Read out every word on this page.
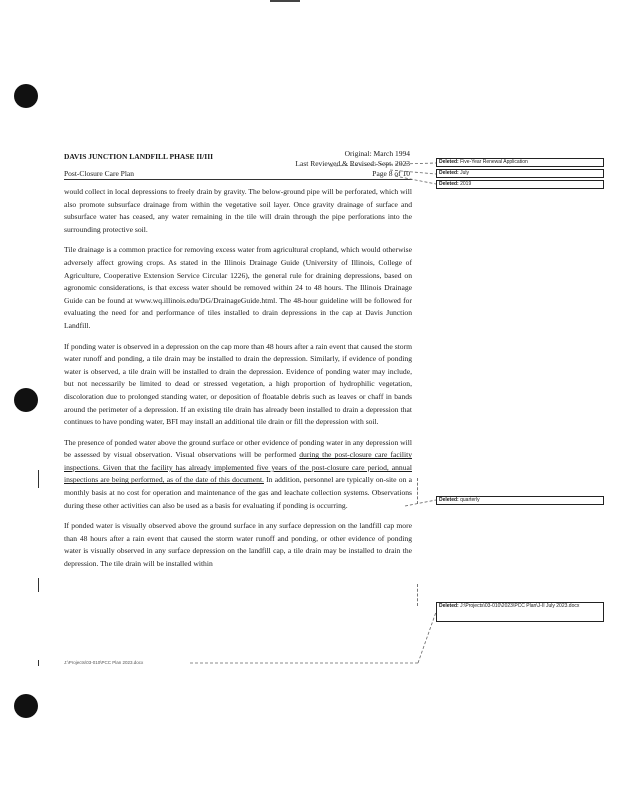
DAVIS JUNCTION LANDFILL PHASE II/III
Post-Closure Care Plan
Original: March 1994
Last Reviewed & Revised: Sept. 2023
Page 8 of 10

would collect in local depressions to freely drain by gravity. The below-ground pipe will be perforated, which will also promote subsurface drainage from within the vegetative soil layer. Once gravity drainage of surface and subsurface water has ceased, any water remaining in the tile will drain through the pipe perforations into the surrounding protective soil.

Tile drainage is a common practice for removing excess water from agricultural cropland, which would otherwise adversely affect growing crops. As stated in the Illinois Drainage Guide (University of Illinois, College of Agriculture, Cooperative Extension Service Circular 1226), the general rule for draining depressions, based on agronomic considerations, is that excess water should be removed within 24 to 48 hours. The Illinois Drainage Guide can be found at www.wq.illinois.edu/DG/DrainageGuide.html. The 48-hour guideline will be followed for evaluating the need for and performance of tiles installed to drain depressions in the cap at Davis Junction Landfill.

If ponding water is observed in a depression on the cap more than 48 hours after a rain event that caused the storm water runoff and ponding, a tile drain may be installed to drain the depression. Similarly, if evidence of ponding water is observed, a tile drain will be installed to drain the depression. Evidence of ponding water may include, but not necessarily be limited to dead or stressed vegetation, a high proportion of hydrophilic vegetation, discoloration due to prolonged standing water, or deposition of floatable debris such as leaves or chaff in bands around the perimeter of a depression. If an existing tile drain has already been installed to drain a depression that continues to have ponding water, BFI may install an additional tile drain or fill the depression with soil.

The presence of ponded water above the ground surface or other evidence of ponding water in any depression will be assessed by visual observation. Visual observations will be performed during the post-closure care facility inspections. Given that the facility has already implemented five years of the post-closure care period, annual inspections are being performed, as of the date of this document. In addition, personnel are typically on-site on a monthly basis at no cost for operation and maintenance of the gas and leachate collection systems. Observations during these other activities can also be used as a basis for evaluating if ponding is occurring.

If ponded water is visually observed above the ground surface in any surface depression on the landfill cap more than 48 hours after a rain event that caused the storm water runoff and ponding, or other evidence of ponding water is visually observed in any surface depression on the landfill cap, a tile drain may be installed to drain the depression. The tile drain will be installed within

Deleted: Five-Year Renewal Application
Deleted: July
Deleted: 2019
Deleted: quarterly
Deleted: J:\Projects\03-010\2023\PCC Plan\J-II July 2023.docx
J:\Projects\03-010\PCC Plan 2023.docx
